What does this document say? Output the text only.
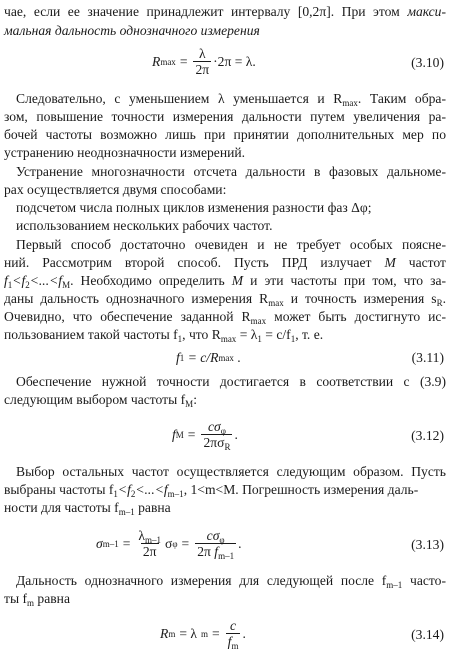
чае, если ее значение принадлежит интервалу [0,2π]. При этом макси-
мальная дальность однозначного измерения
R $\max = \frac{\lambda}{2\pi} \cdot 2\pi = \lambda$.	(3.10)
Следовательно, с уменьшением λ уменьшается и $R_{max}$. Таким обра-
зом, повышение точности измерения дальности путем увеличения ра-
бочей частоты возможно лишь при принятии дополнительных мер по
устранению неоднозначности измерений.
Устранение многозначности отсчета дальности в фазовых дальноме-
рах осуществляется двумя способами:
подсчетом числа полных циклов изменения разности фаз Δφ;
использованием нескольких рабочих частот.
Первый способ достаточно очевиден и не требует особых пояснe-
ний. Рассмотрим второй способ. Пусть ПРД излучает M частот
$f_1<f_2<...<f_M$. Необходимо определить M и эти частоты при том, что за-
даны дальность однозначного измерения $R_{max}$ и точность измерения $s_R$.
Очевидно, что обеспечение заданной $R_{max}$ может быть достигнуто ис-
пользованием такой частоты $f_1$, что $R_{max} = \lambda_1 = c/f_1$, т. е.
f 1
= c/R max
.	(3.11)
Обеспечение нужной точности достигается в соответствии с (3.9)
следующим выбором частоты $f_M$:
f $M = \frac{c\sigma_\varphi}{2\pi\sigma_R}$ .	(3.12)
Выбор остальных частот осуществляется следующим образом. Пусть
выбраны частоты $f_1<f_2<...<f_{m-1}$, 1<m<M. Погрешность измерения даль-
ности для частоты $f_{m-1}$ равна
σ $m-1 = \frac{\lambda_{m-1}}{2\pi}$ σ $\varphi = \frac{c\sigma_\varphi}{2\pi f_{m-1}}$ .	(3.13)
Дальность однозначного измерения для следующей после $f_{m-1}$ часто-
ты $f_m$ равна
R m = λ $m = \frac{c}{f_m}$ .	(3.14)
